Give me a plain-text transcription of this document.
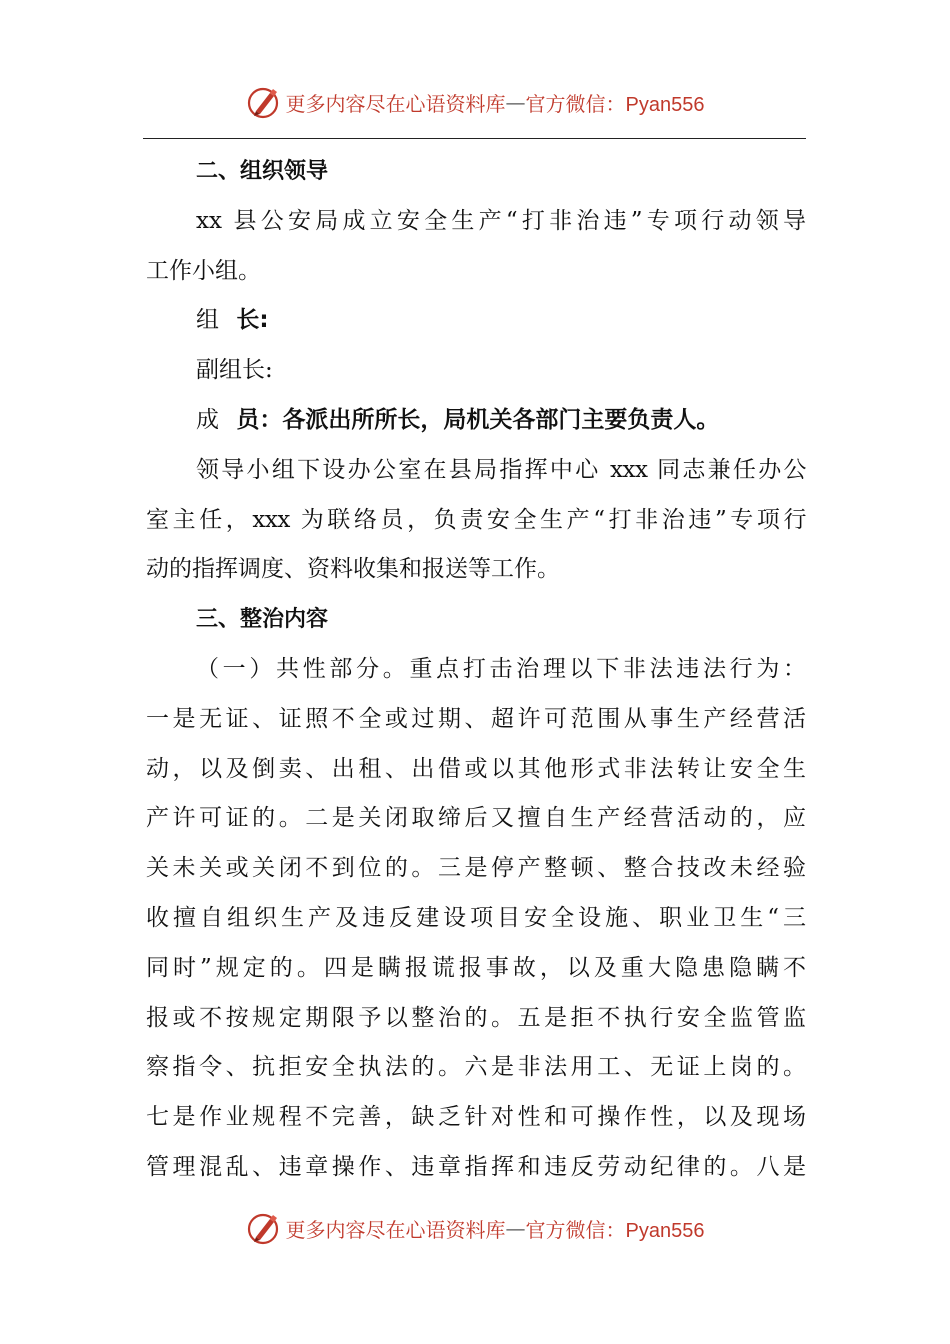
更多内容尽在心语资料库 — 官方微信：Pyan556
二、组织领导
xx 县公安局成立安全生产“打非治违”专项行动领导
工作小组。
组 长:
副组长:
成 员：各派出所所长，局机关各部门主要负责人。
领导小组下设办公室在县局指挥中心 xxx 同志兼任办公
室主任，xxx 为联络员，负责安全生产“打非治违”专项行
动的指挥调度、资料收集和报送等工作。
三、整治内容
（一）共性部分。重点打击治理以下非法违法行为：
一是无证、证照不全或过期、超许可范围从事生产经营活
动，以及倒卖、出租、出借或以其他形式非法转让安全生
产许可证的。二是关闭取缔后又擅自生产经营活动的，应
关未关或关闭不到位的。三是停产整顿、整合技改未经验
收擅自组织生产及违反建设项目安全设施、职业卫生“三
同时”规定的。四是瞒报谎报事故，以及重大隐患隐瞒不
报或不按规定期限予以整治的。五是拒不执行安全监管监
察指令、抗拒安全执法的。六是非法用工、无证上岗的。
七是作业规程不完善，缺乏针对性和可操作性，以及现场
管理混乱、违章操作、违章指挥和违反劳动纪律的。八是
更多内容尽在心语资料库 — 官方微信：Pyan556
